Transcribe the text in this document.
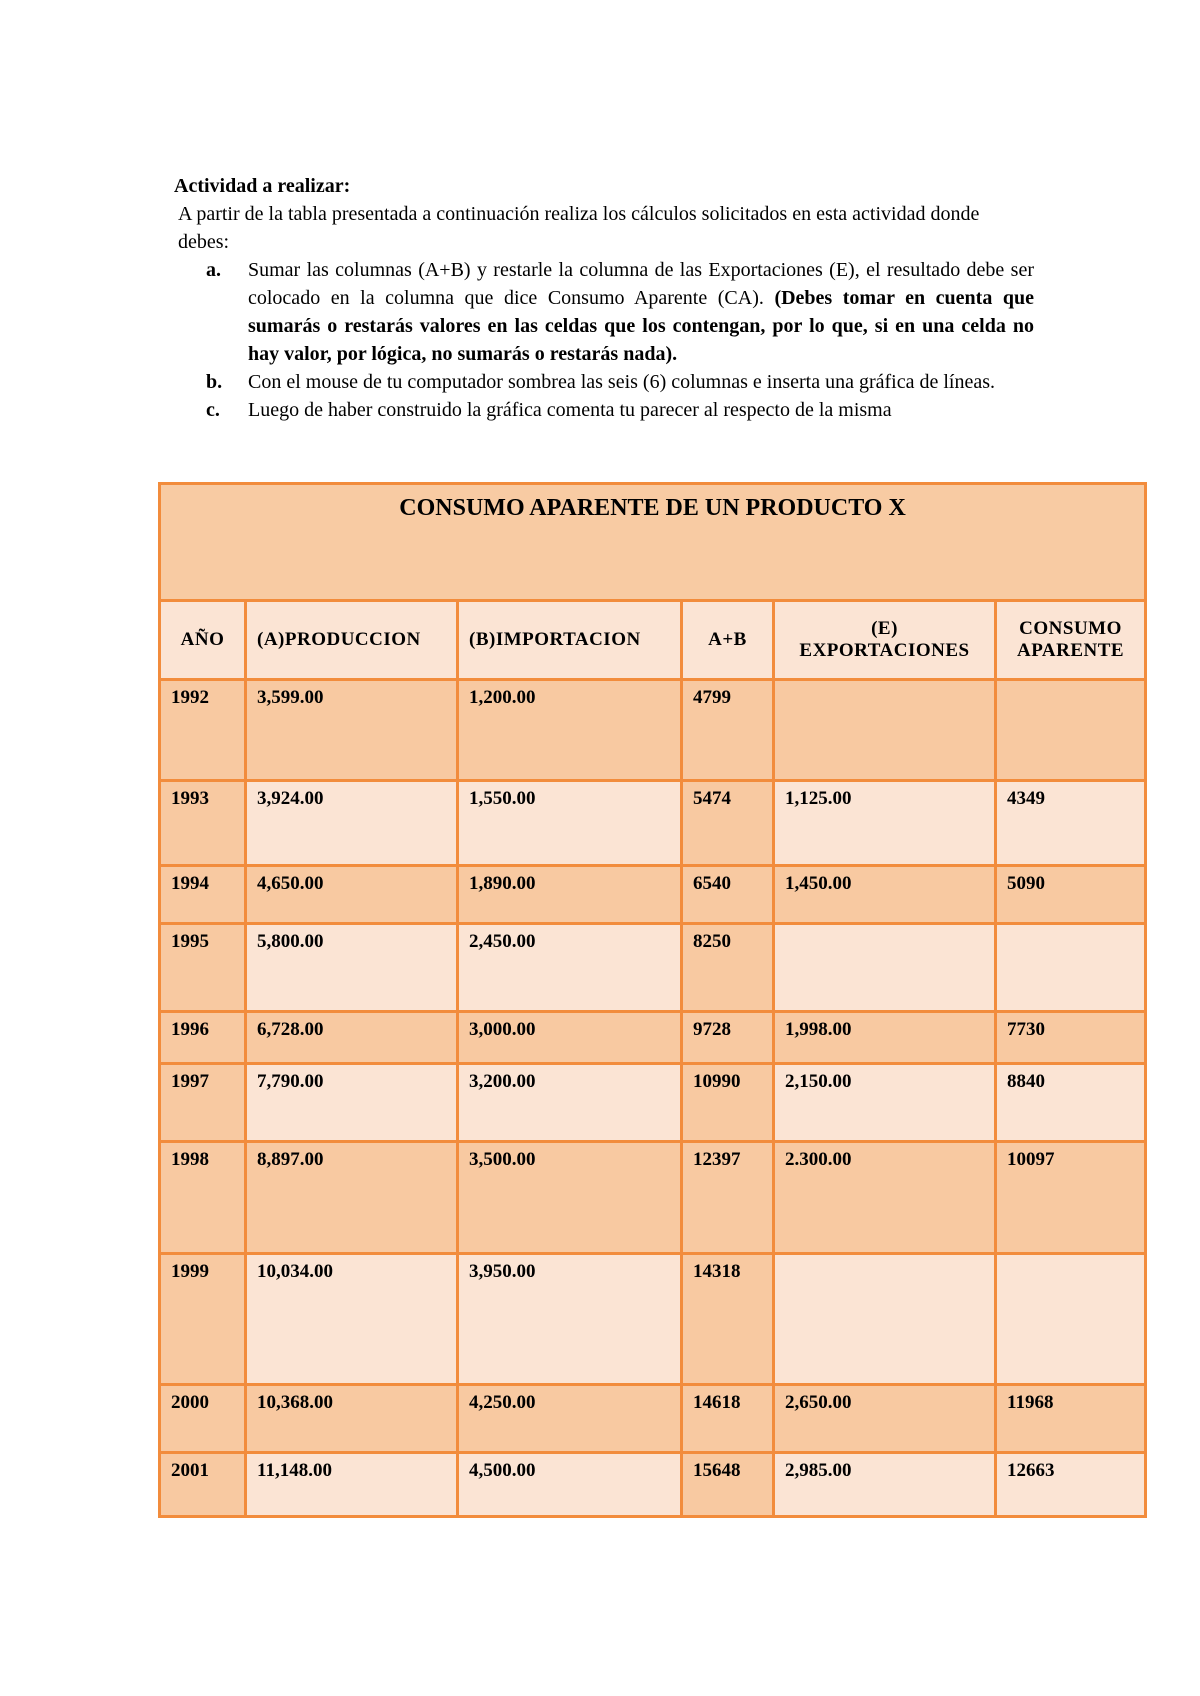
Actividad a realizar:

A partir de la tabla presentada a continuación realiza los cálculos solicitados en esta actividad donde debes:

a. Sumar las columnas (A+B) y restarle la columna de las Exportaciones (E), el resultado debe ser colocado en la columna que dice Consumo Aparente (CA). (Debes tomar en cuenta que sumarás o restarás valores en las celdas que los contengan, por lo que, si en una celda no hay valor, por lógica, no sumarás o restarás nada).
b. Con el mouse de tu computador sombrea las seis (6) columnas e inserta una gráfica de líneas.
c. Luego de haber construido la gráfica comenta tu parecer al respecto de la misma
CONSUMO APARENTE DE UN PRODUCTO X					
AÑO	(A)PRODUCCION	(B)IMPORTACION	A+B	(E) EXPORTACIONES	CONSUMO APARENTE
1992	3,599.00	1,200.00	4799		
1993	3,924.00	1,550.00	5474	1,125.00	4349
1994	4,650.00	1,890.00	6540	1,450.00	5090
1995	5,800.00	2,450.00	8250		
1996	6,728.00	3,000.00	9728	1,998.00	7730
1997	7,790.00	3,200.00	10990	2,150.00	8840
1998	8,897.00	3,500.00	12397	2.300.00	10097
1999	10,034.00	3,950.00	14318		
2000	10,368.00	4,250.00	14618	2,650.00	11968
2001	11,148.00	4,500.00	15648	2,985.00	12663
